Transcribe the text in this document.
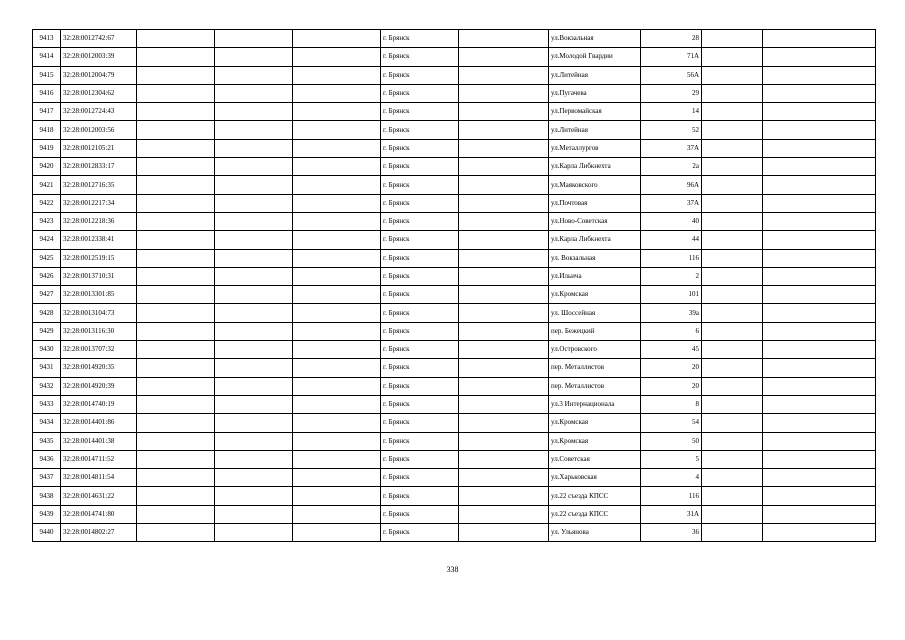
9413	32:28:0012742:67				г. Брянск		ул.Вокзальная	28		
9414	32:28:0012003:39				г. Брянск		ул.Молодой Гвардии	71А		
9415	32:28:0012004:79				г. Брянск		ул.Литейная	56А		
9416	32:28:0012304:62				г. Брянск		ул.Пугачева	29		
9417	32:28:0012724:43				г. Брянск		ул.Первомайская	14		
9418	32:28:0012003:56				г. Брянск		ул.Литейная	52		
9419	32:28:0012105:21				г. Брянск		ул.Металлургов	37А		
9420	32:28:0012833:17				г. Брянск		ул.Карла Либкнехта	2а		
9421	32:28:0012716:35				г. Брянск		ул.Маяковского	96А		
9422	32:28:0012217:34				г. Брянск		ул.Почтовая	37А		
9423	32:28:0012218:36				г. Брянск		ул.Ново-Советская	40		
9424	32:28:0012338:41				г. Брянск		ул.Карла Либкнехта	44		
9425	32:28:0012519:15				г. Брянск		ул. Вокзальная	116		
9426	32:28:0013710:31				г. Брянск		ул.Ильича	2		
9427	32:28:0013301:85				г. Брянск		ул.Кромская	101		
9428	32:28:0013104:73				г. Брянск		ул. Шоссейная	39а		
9429	32:28:0013116:30				г. Брянск		пер. Бежецкий	6		
9430	32:28:0013707:32				г. Брянск		ул.Островского	45		
9431	32:28:0014920:35				г. Брянск		пер. Металлистов	20		
9432	32:28:0014920:39				г. Брянск		пер. Металлистов	20		
9433	32:28:0014740:19				г. Брянск		ул.3 Интернационала	8		
9434	32:28:0014401:86				г. Брянск		ул.Кромская	54		
9435	32:28:0014401:38				г. Брянск		ул.Кромская	50		
9436	32:28:0014711:52				г. Брянск		ул.Советская	5		
9437	32:28:0014811:54				г. Брянск		ул.Харьковская	4		
9438	32:28:0014631:22				г. Брянск		ул.22 съезда КПСС	116		
9439	32:28:0014741:80				г. Брянск		ул.22 съезда КПСС	31А		
9440	32:28:0014802:27				г. Брянск		ул. Ульянова	36		
338
